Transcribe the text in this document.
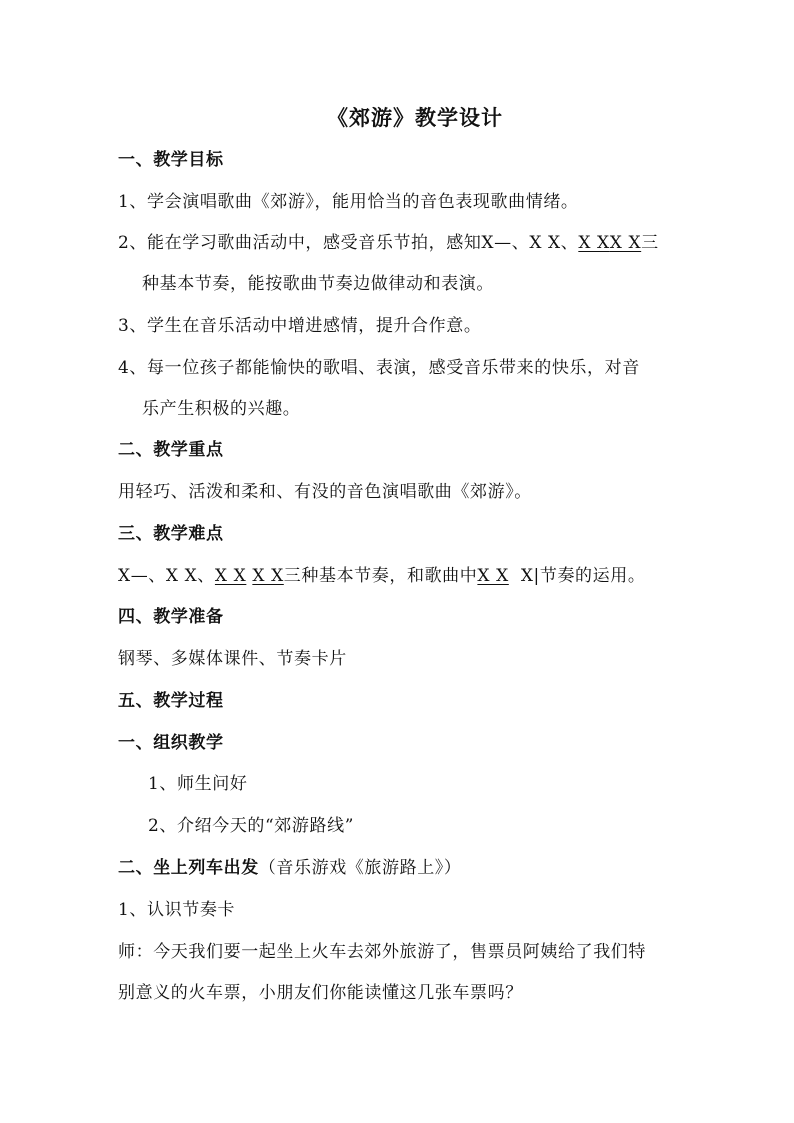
《郊游》教学设计
一、教学目标
1、学会演唱歌曲《郊游》，能用恰当的音色表现歌曲情绪。
2、能在学习歌曲活动中，感受音乐节拍，感知X—、X X、X XX X三
种基本节奏，能按歌曲节奏边做律动和表演。
3、学生在音乐活动中增进感情，提升合作意。
4、每一位孩子都能愉快的歌唱、表演，感受音乐带来的快乐，对音
乐产生积极的兴趣。
二、教学重点
用轻巧、活泼和柔和、有没的音色演唱歌曲《郊游》。
三、教学难点
X—、X X、X X X X三种基本节奏，和歌曲中X X  X|节奏的运用。
四、教学准备
钢琴、多媒体课件、节奏卡片
五、教学过程
一、组织教学
1、师生问好
2、介绍今天的“郊游路线”
二、坐上列车出发（音乐游戏《旅游路上》）
1、认识节奏卡
师：今天我们要一起坐上火车去郊外旅游了，售票员阿姨给了我们特
别意义的火车票，小朋友们你能读懂这几张车票吗？
